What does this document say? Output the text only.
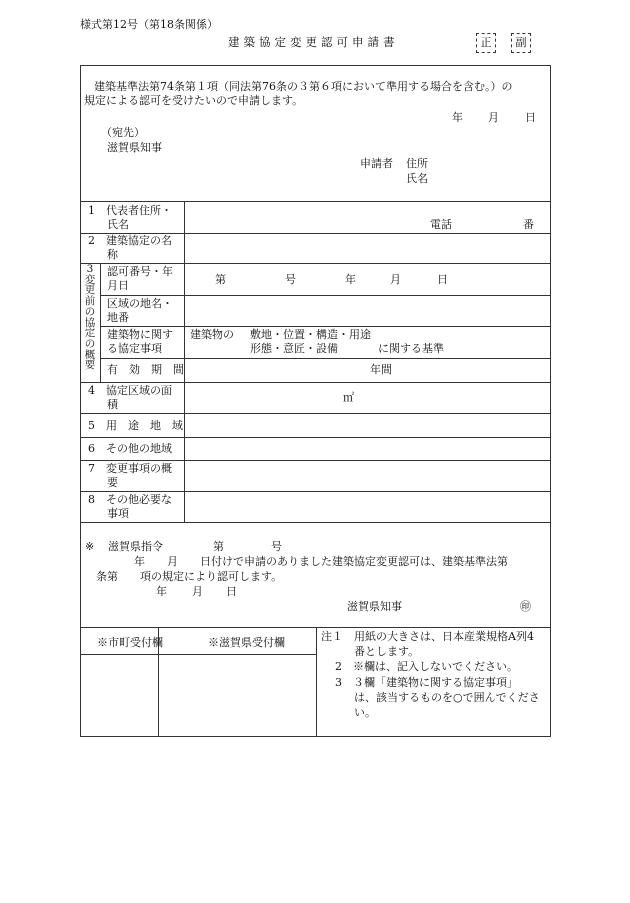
様式第12号（第18条関係）
建築協定変更認可申請書	正	副
建築基準法第74条第１項（同法第76条の３第６項において準用する場合を含む。）の
規定による認可を受けたいので申請します。
年 月 日
（宛先）
滋賀県知事
申請者 住所
氏名
1　代表者住所・
氏名	電話	番
2　建築協定の名
称
3
変
更
前
の
協
定
の
概
要
認可番号・年
月日	第	号	年	月	日
区域の地名・
地番
建築物に関す
る協定事項
建築物の 敷地・位置・構造・用途
形態・意匠・設備	に関する基準
有　効　期　間	年間
4　協定区域の面
積
㎡
5　用　途　地　域
6　その他の地域
7　変更事項の概
要
8　その他必要な
事項
※ 滋賀県指令	第	号
年　　月　　日付けで申請のありました建築協定変更認可は、建築基準法第
条第　　項の規定により認可します。
年 月 日
滋賀県知事	㊞
※市町受付欄	※滋賀県受付欄	注１　用紙の大きさは、日本産業規格A列4
番とします。
2　※欄は、記入しないでください。
3　３欄「建築物に関する協定事項」
は、該当するものを○で囲んでくださ
い。
